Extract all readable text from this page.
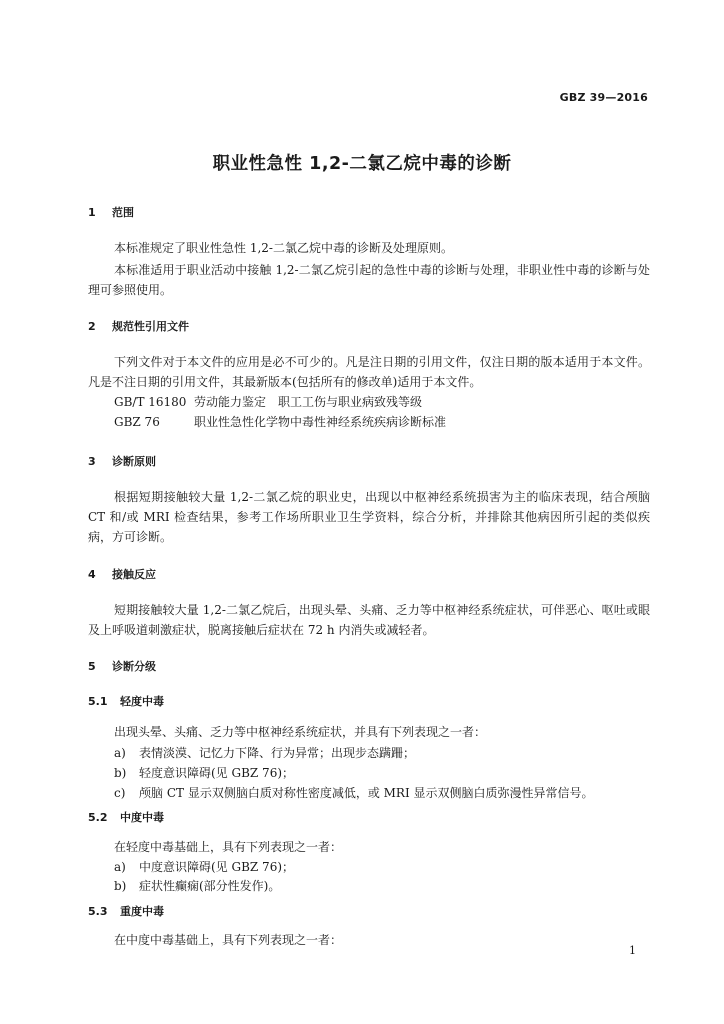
GBZ 39—2016
职业性急性 1,2-二氯乙烷中毒的诊断
1 范围
本标准规定了职业性急性 1,2-二氯乙烷中毒的诊断及处理原则。
本标准适用于职业活动中接触 1,2-二氯乙烷引起的急性中毒的诊断与处理，非职业性中毒的诊断与处理可参照使用。
2 规范性引用文件
下列文件对于本文件的应用是必不可少的。凡是注日期的引用文件，仅注日期的版本适用于本文件。凡是不注日期的引用文件，其最新版本(包括所有的修改单)适用于本文件。
GB/T 16180 劳动能力鉴定　职工工伤与职业病致残等级
GBZ 76	职业性急性化学物中毒性神经系统疾病诊断标准
3 诊断原则
根据短期接触较大量 1,2-二氯乙烷的职业史，出现以中枢神经系统损害为主的临床表现，结合颅脑 CT 和/或 MRI 检查结果，参考工作场所职业卫生学资料，综合分析，并排除其他病因所引起的类似疾病，方可诊断。
4 接触反应
短期接触较大量 1,2-二氯乙烷后，出现头晕、头痛、乏力等中枢神经系统症状，可伴恶心、呕吐或眼及上呼吸道刺激症状，脱离接触后症状在 72 h 内消失或减轻者。
5 诊断分级
5.1 轻度中毒
出现头晕、头痛、乏力等中枢神经系统症状，并具有下列表现之一者：
a) 表情淡漠、记忆力下降、行为异常；出现步态蹒跚；
b) 轻度意识障碍(见 GBZ 76)；
c) 颅脑 CT 显示双侧脑白质对称性密度减低，或 MRI 显示双侧脑白质弥漫性异常信号。
5.2 中度中毒
在轻度中毒基础上，具有下列表现之一者：
a) 中度意识障碍(见 GBZ 76)；
b) 症状性癫痫(部分性发作)。
5.3 重度中毒
在中度中毒基础上，具有下列表现之一者：
1
